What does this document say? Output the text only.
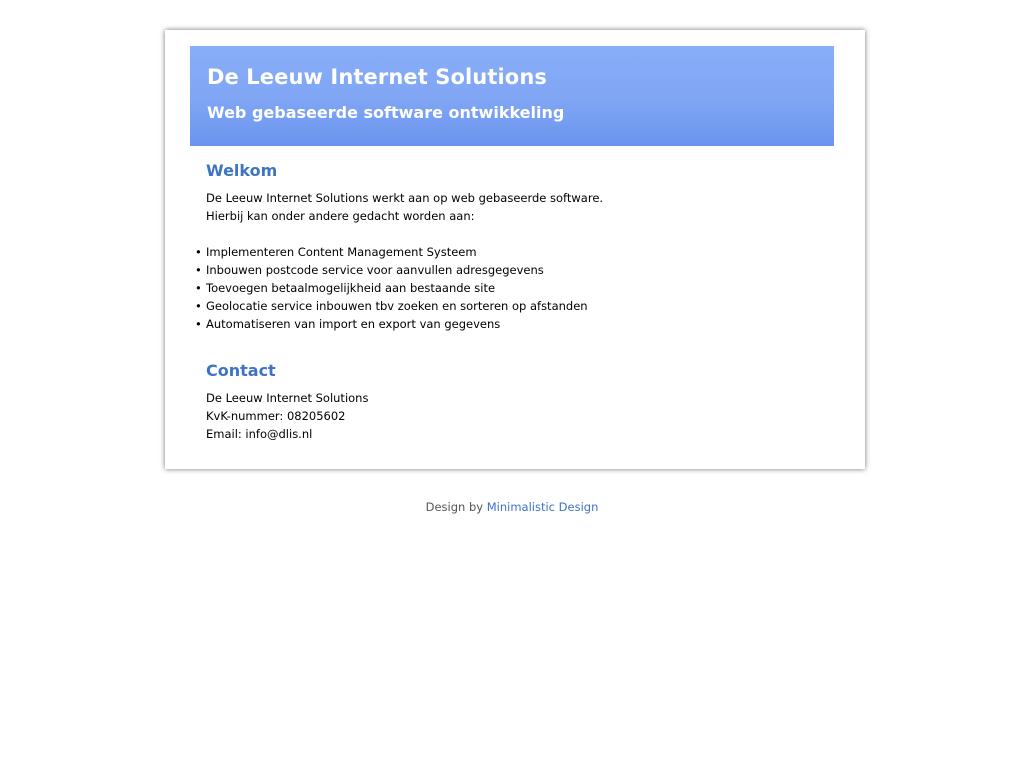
De Leeuw Internet Solutions
Web gebaseerde software ontwikkeling
Welkom

De Leeuw Internet Solutions werkt aan op web gebaseerde software.

Hierbij kan onder andere gedacht worden aan:

• Implementeren Content Management Systeem
• Inbouwen postcode service voor aanvullen adresgegevens
• Toevoegen betaalmogelijkheid aan bestaande site
• Geolocatie service inbouwen tbv zoeken en sorteren op afstanden
• Automatiseren van import en export van gegevens
Contact

De Leeuw Internet Solutions

KvK-nummer: 08205602

Email: info@dlis.nl

Design by Minimalistic Design
